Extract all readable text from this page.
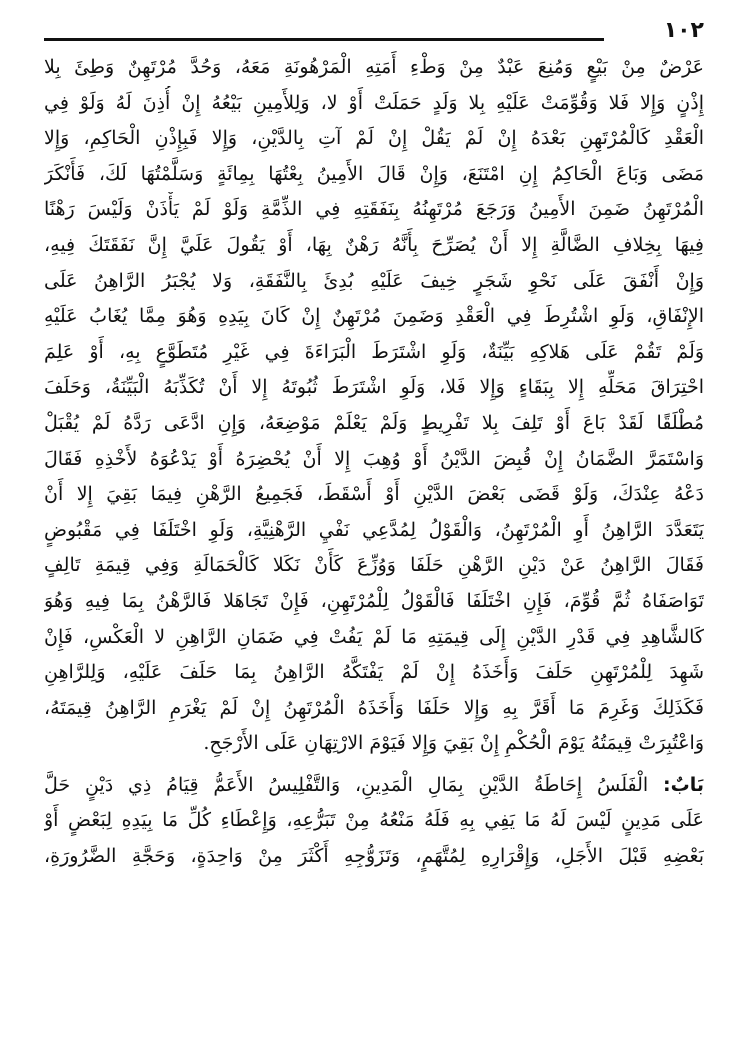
١٠٢
عَرْضٌ مِنْ بَيْعٍ وَمُنِعَ عَبْدٌ مِنْ وَطْءِ أَمَتِهِ الْمَرْهُونَةِ مَعَهُ، وَحُدَّ مُرْتَهِنٌ وَطِئَ بِلا
إِذْنٍ وَإِلا فَلا وَقُوِّمَتْ عَلَيْهِ بِلا وَلَدٍ حَمَلَتْ أَوْ لا، وَلِلأَمِينِ بَيْعُهُ إِنْ أُذِنَ لَهُ وَلَوْ فِي
الْعَقْدِ كَالْمُرْتَهِنِ بَعْدَهُ إِنْ لَمْ يَقُلْ إِنْ لَمْ آتِ بِالدَّيْنِ، وَإِلا فَبِإِذْنِ الْحَاكِمِ، وَإِلا
مَضَى وَبَاعَ الْحَاكِمُ إِنِ امْتَنَعَ، وَإِنْ قَالَ الأَمِينُ بِعْتُهَا بِمِائَةٍ وَسَلَّمْتُهَا لَكَ، فَأَنْكَرَ
الْمُرْتَهِنُ ضَمِنَ الأَمِينُ وَرَجَعَ مُرْتَهِنُهُ بِنَفَقَتِهِ فِي الذِّمَّةِ وَلَوْ لَمْ يَأْذَنْ وَلَيْسَ رَهْنًا
فِيهَا بِخِلافِ الضَّالَّةِ إِلا أَنْ يُصَرِّحَ بِأَنَّهُ رَهْنٌ بِهَا، أَوْ يَقُولَ عَلَيَّ إِنَّ نَفَقَتَكَ فِيهِ،
وَإِنْ أَنْفَقَ عَلَى نَحْوِ شَجَرٍ خِيفَ عَلَيْهِ بُدِئَ بِالنَّفَقَةِ، وَلا يُجْبَرُ الرَّاهِنُ عَلَى
الإِنْفَاقِ، وَلَوِ اشْتُرِطَ فِي الْعَقْدِ وَضَمِنَ مُرْتَهِنٌ إِنْ كَانَ بِيَدِهِ وَهُوَ مِمَّا يُغَابُ عَلَيْهِ
وَلَمْ تَقُمْ عَلَى هَلاكِهِ بَيِّنَةٌ، وَلَوِ اشْتَرَطَ الْبَرَاءَةَ فِي غَيْرِ مُتَطَوَّعٍ بِهِ، أَوْ عَلِمَ
احْتِرَاقَ مَحَلِّهِ إِلا بِبَقَاءٍ وَإِلا فَلا، وَلَوِ اشْتَرَطَ ثُبُوتَهُ إِلا أَنْ تُكَذِّبَهُ الْبَيِّنَةُ، وَحَلَفَ
مُطْلَقًا لَقَدْ بَاعَ أَوْ تَلِفَ بِلا تَفْرِيطٍ وَلَمْ يَعْلَمْ مَوْضِعَهُ، وَإِنِ ادَّعَى رَدَّهُ لَمْ يُقْبَلْ
وَاسْتَمَرَّ الضَّمَانُ إِنْ قُبِضَ الدَّيْنُ أَوْ وُهِبَ إِلا أَنْ يُحْضِرَهُ أَوْ يَدْعُوَهُ لأَخْذِهِ فَقَالَ
دَعْهُ عِنْدَكَ، وَلَوْ قَضَى بَعْضَ الدَّيْنِ أَوْ أَسْقَطَ، فَجَمِيعُ الرَّهْنِ فِيمَا بَقِيَ إِلا أَنْ
يَتَعَدَّدَ الرَّاهِنُ أَوِ الْمُرْتَهِنُ، وَالْقَوْلُ لِمُدَّعِي نَفْيِ الرَّهْنِيَّةِ، وَلَوِ اخْتَلَفَا فِي مَقْبُوضٍ
فَقَالَ الرَّاهِنُ عَنْ دَيْنِ الرَّهْنِ حَلَفَا وَوُزِّعَ كَأَنْ نَكَلا كَالْحَمَالَةِ وَفِي قِيمَةِ تَالِفٍ
تَوَاصَفَاهُ ثُمَّ قُوِّمَ، فَإِنِ اخْتَلَفَا فَالْقَوْلُ لِلْمُرْتَهِنِ، فَإِنْ تَجَاهَلا فَالرَّهْنُ بِمَا فِيهِ وَهُوَ
كَالشَّاهِدِ فِي قَدْرِ الدَّيْنِ إِلَى قِيمَتِهِ مَا لَمْ يَفُتْ فِي ضَمَانِ الرَّاهِنِ لا الْعَكْسِ، فَإِنْ
شَهِدَ لِلْمُرْتَهِنِ حَلَفَ وَأَخَذَهُ إِنْ لَمْ يَفْتَكَّهُ الرَّاهِنُ بِمَا حَلَفَ عَلَيْهِ، وَلِلرَّاهِنِ
فَكَذَلِكَ وَغَرِمَ مَا أَقَرَّ بِهِ وَإِلا حَلَفَا وَأَخَذَهُ الْمُرْتَهِنُ إِنْ لَمْ يَغْرَمِ الرَّاهِنُ قِيمَتَهُ،
وَاعْتُبِرَتْ قِيمَتُهُ يَوْمَ الْحُكْمِ إِنْ بَقِيَ وَإِلا فَيَوْمَ الارْتِهَانِ عَلَى الأَرْجَحِ.
بَابٌ: الْفَلَسُ إِحَاطَةُ الدَّيْنِ بِمَالِ الْمَدِينِ، وَالتَّفْلِيسُ الأَعَمُّ قِيَامُ ذِي دَيْنٍ حَلَّ
عَلَى مَدِينٍ لَيْسَ لَهُ مَا يَفِي بِهِ فَلَهُ مَنْعُهُ مِنْ تَبَرُّعِهِ، وَإِعْطَاءِ كُلِّ مَا بِيَدِهِ لِبَعْضٍ أَوْ
بَعْضِهِ قَبْلَ الأَجَلِ، وَإِقْرَارِهِ لِمُتَّهَمٍ، وَتَزَوُّجِهِ أَكْثَرَ مِنْ وَاحِدَةٍ، وَحَجَّةِ الضَّرُورَةِ،
